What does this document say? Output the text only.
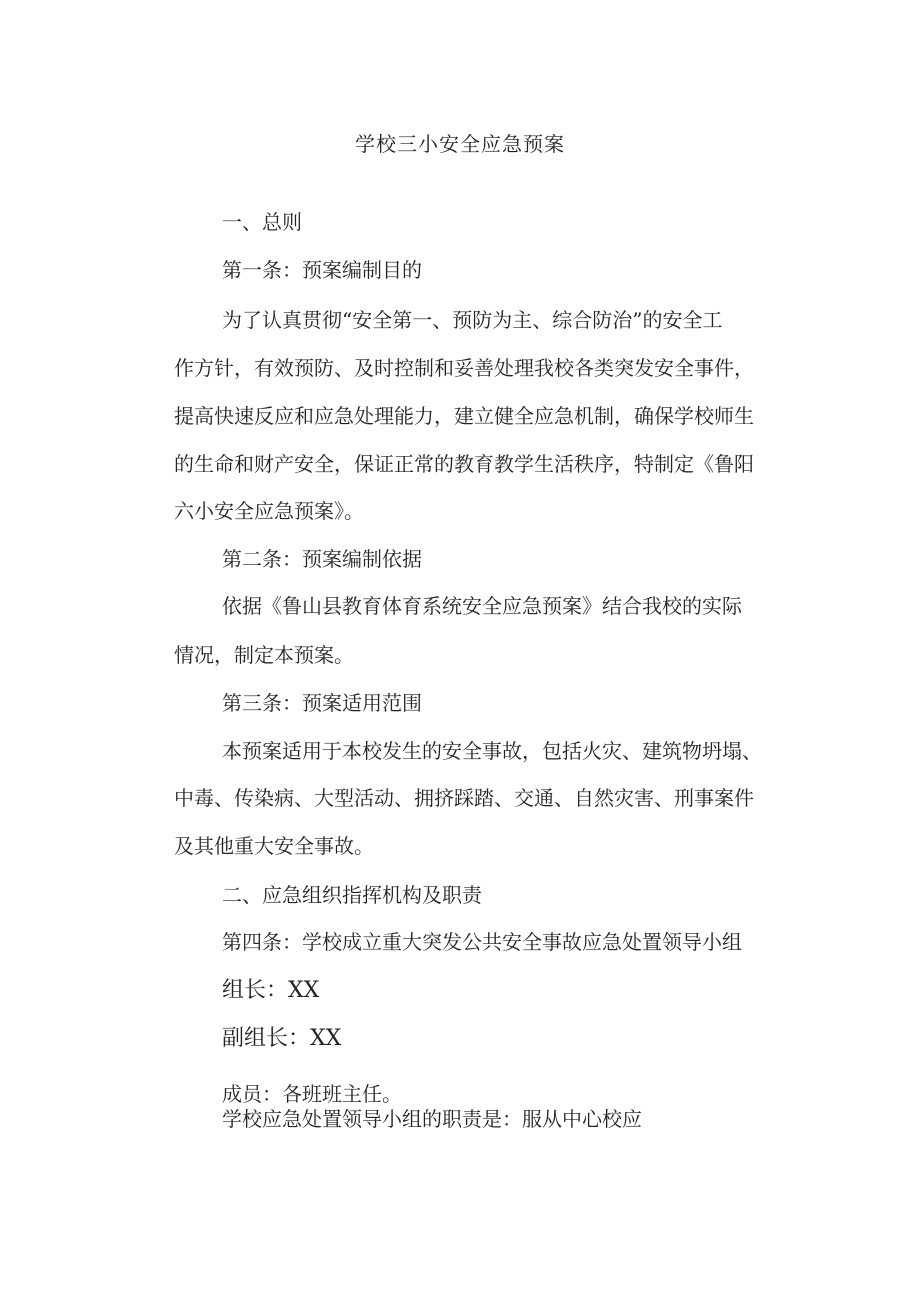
学校三小安全应急预案
一、总则
第一条：预案编制目的
为了认真贯彻“安全第一、预防为主、综合防治”的安全工
作方针，有效预防、及时控制和妥善处理我校各类突发安全事件，
提高快速反应和应急处理能力，建立健全应急机制，确保学校师生
的生命和财产安全，保证正常的教育教学生活秩序，特制定《鲁阳
六小安全应急预案》。
第二条：预案编制依据
依据《鲁山县教育体育系统安全应急预案》结合我校的实际
情况，制定本预案。
第三条：预案适用范围
本预案适用于本校发生的安全事故，包括火灾、建筑物坍塌、
中毒、传染病、大型活动、拥挤踩踏、交通、自然灾害、刑事案件
及其他重大安全事故。
二、应急组织指挥机构及职责
第四条：学校成立重大突发公共安全事故应急处置领导小组
组长：XX
副组长：XX
成员：各班班主任。
学校应急处置领导小组的职责是：服从中心校应
